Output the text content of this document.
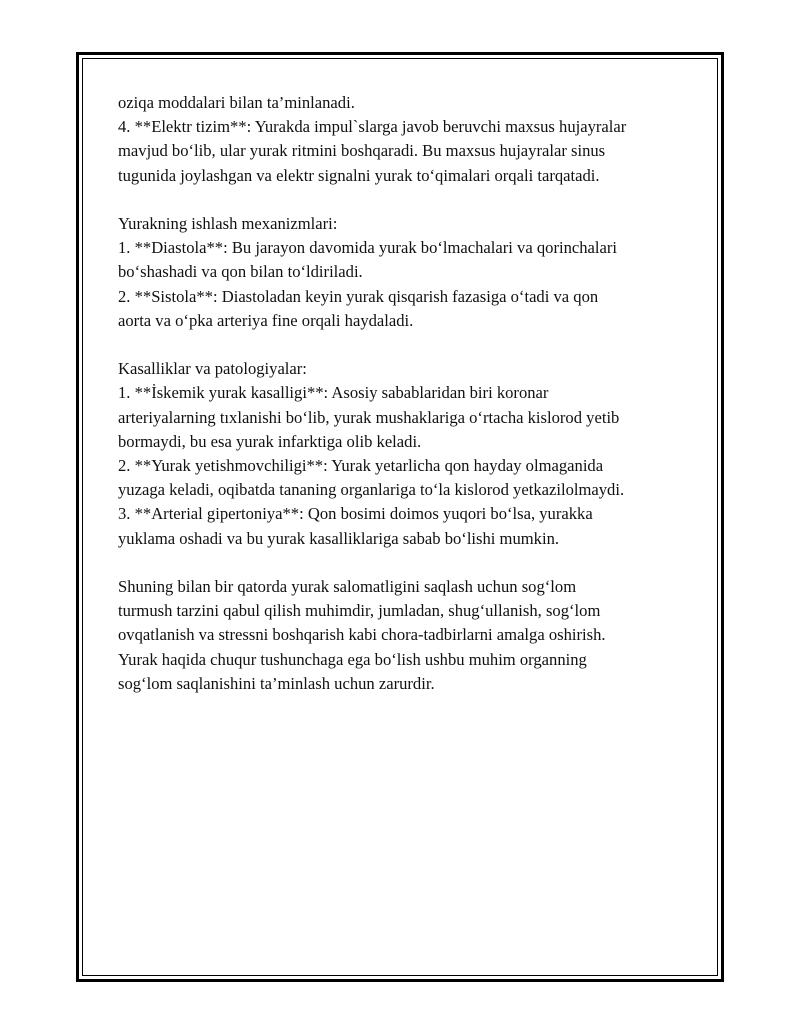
oziqa moddalari bilan ta’minlanadi.
4. **Elektr tizim**: Yurakda impul`slarga javob beruvchi maxsus hujayralar
mavjud bo‘lib, ular yurak ritmini boshqaradi. Bu maxsus hujayralar sinus
tugunida joylashgan va elektr signalni yurak to‘qimalari orqali tarqatadi.
Yurakning ishlash mexanizmlari:
1. **Diastola**: Bu jarayon davomida yurak bo‘lmachalari va qorinchalari
bo‘shashadi va qon bilan to‘ldiriladi.
2. **Sistola**: Diastoladan keyin yurak qisqarish fazasiga o‘tadi va qon
aorta va o‘pka arteriya fine orqali haydaladi.
Kasalliklar va patologiyalar:
1. **İskemik yurak kasalligi**: Asosiy sabablaridan biri koronar
arteriyalarning tıxlanishi bo‘lib, yurak mushaklariga o‘rtacha kislorod yetib
bormaydi, bu esa yurak infarktiga olib keladi.
2. **Yurak yetishmovchiligi**: Yurak yetarlicha qon hayday olmaganida
yuzaga keladi, oqibatda tananing organlariga to‘la kislorod yetkazilolmaydi.
3. **Arterial gipertoniya**: Qon bosimi doimos yuqori bo‘lsa, yurakka
yuklama oshadi va bu yurak kasalliklariga sabab bo‘lishi mumkin.
Shuning bilan bir qatorda yurak salomatligini saqlash uchun sog‘lom
turmush tarzini qabul qilish muhimdir, jumladan, shug‘ullanish, sog‘lom
ovqatlanish va stressni boshqarish kabi chora-tadbirlarni amalga oshirish.
Yurak haqida chuqur tushunchaga ega bo‘lish ushbu muhim organning
sog‘lom saqlanishini ta’minlash uchun zarurdir.
